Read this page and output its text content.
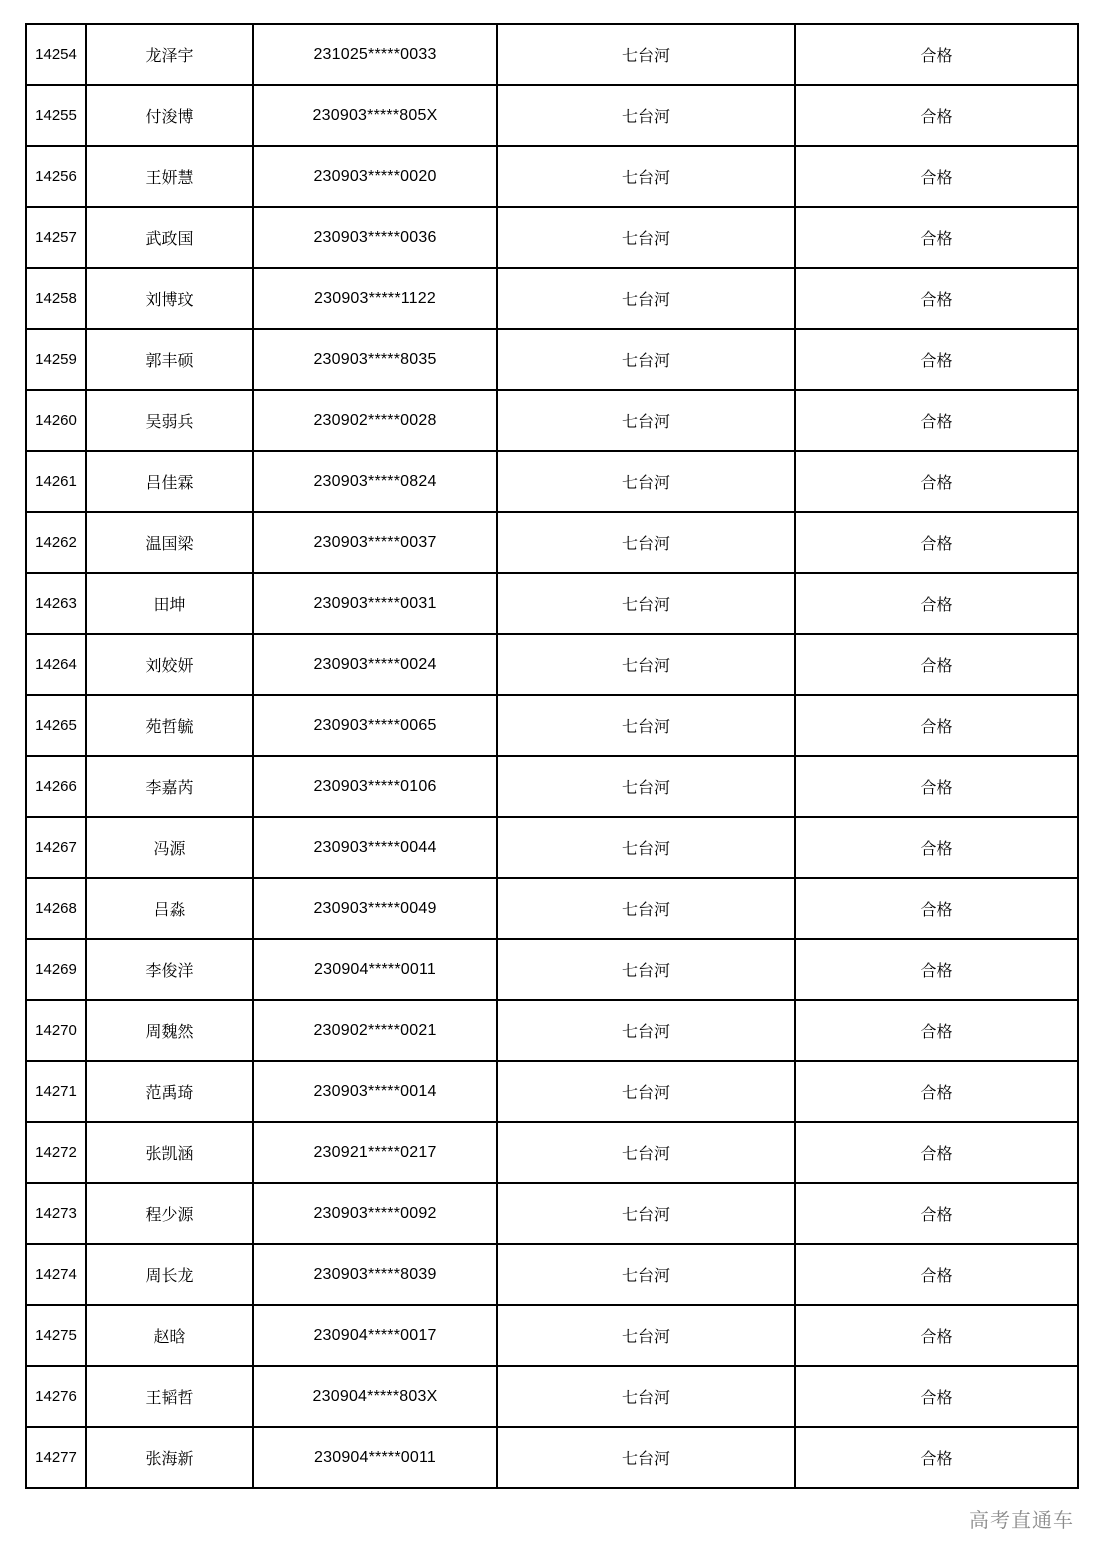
14254	龙泽宇	231025*****0033	七台河	合格
14255	付浚博	230903*****805X	七台河	合格
14256	王妍慧	230903*****0020	七台河	合格
14257	武政国	230903*****0036	七台河	合格
14258	刘博玟	230903*****1122	七台河	合格
14259	郭丰硕	230903*****8035	七台河	合格
14260	吴弱兵	230902*****0028	七台河	合格
14261	吕佳霖	230903*****0824	七台河	合格
14262	温国梁	230903*****0037	七台河	合格
14263	田坤	230903*****0031	七台河	合格
14264	刘姣妍	230903*****0024	七台河	合格
14265	苑哲毓	230903*****0065	七台河	合格
14266	李嘉芮	230903*****0106	七台河	合格
14267	冯源	230903*****0044	七台河	合格
14268	吕淼	230903*****0049	七台河	合格
14269	李俊洋	230904*****0011	七台河	合格
14270	周魏然	230902*****0021	七台河	合格
14271	范禹琦	230903*****0014	七台河	合格
14272	张凯涵	230921*****0217	七台河	合格
14273	程少源	230903*****0092	七台河	合格
14274	周长龙	230903*****8039	七台河	合格
14275	赵晗	230904*****0017	七台河	合格
14276	王韬哲	230904*****803X	七台河	合格
14277	张海新	230904*****0011	七台河	合格
高考直通车
